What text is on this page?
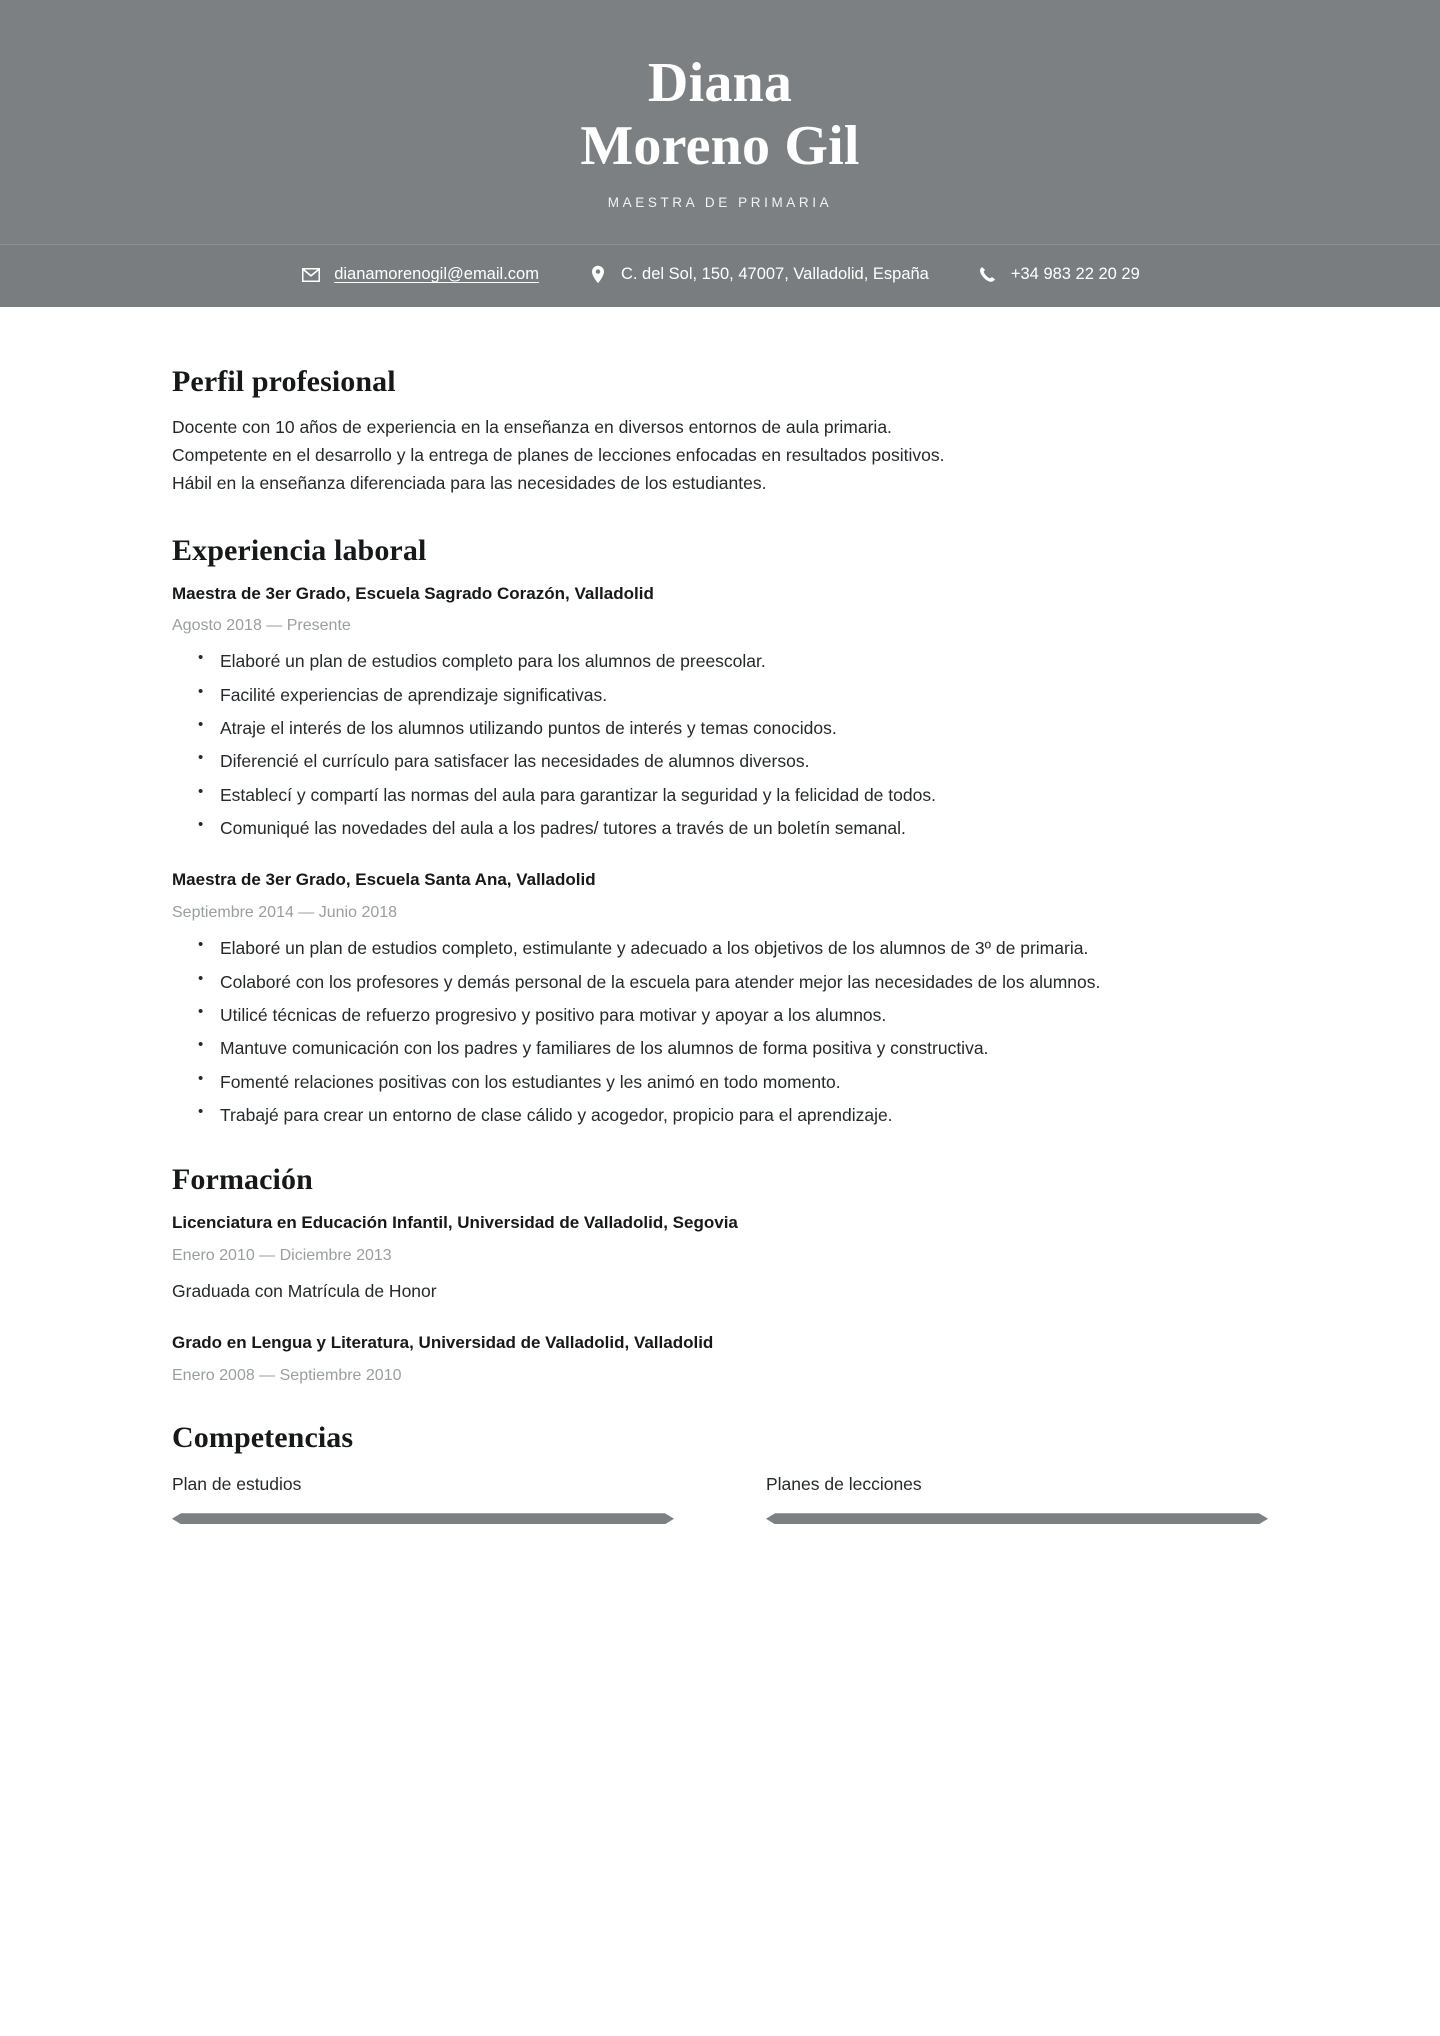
Diana
Moreno Gil
MAESTRA DE PRIMARIA
dianamorenogil@email.com	C. del Sol, 150, 47007, Valladolid, España	+34 983 22 20 29
Perfil profesional
Docente con 10 años de experiencia en la enseñanza en diversos entornos de aula primaria.
Competente en el desarrollo y la entrega de planes de lecciones enfocadas en resultados positivos.
Hábil en la enseñanza diferenciada para las necesidades de los estudiantes.
Experiencia laboral
Maestra de 3er Grado, Escuela Sagrado Corazón, Valladolid
Agosto 2018 — Presente
• Elaboré un plan de estudios completo para los alumnos de preescolar.
• Facilité experiencias de aprendizaje significativas.
• Atraje el interés de los alumnos utilizando puntos de interés y temas conocidos.
• Diferencié el currículo para satisfacer las necesidades de alumnos diversos.
• Establecí y compartí las normas del aula para garantizar la seguridad y la felicidad de todos.
• Comuniqué las novedades del aula a los padres/ tutores a través de un boletín semanal.
Maestra de 3er Grado, Escuela Santa Ana, Valladolid
Septiembre 2014 — Junio 2018
• Elaboré un plan de estudios completo, estimulante y adecuado a los objetivos de los alumnos de 3º de primaria.
• Colaboré con los profesores y demás personal de la escuela para atender mejor las necesidades de los alumnos.
• Utilicé técnicas de refuerzo progresivo y positivo para motivar y apoyar a los alumnos.
• Mantuve comunicación con los padres y familiares de los alumnos de forma positiva y constructiva.
• Fomenté relaciones positivas con los estudiantes y les animó en todo momento.
• Trabajé para crear un entorno de clase cálido y acogedor, propicio para el aprendizaje.
Formación
Licenciatura en Educación Infantil, Universidad de Valladolid, Segovia
Enero 2010 — Diciembre 2013
Graduada con Matrícula de Honor
Grado en Lengua y Literatura, Universidad de Valladolid, Valladolid
Enero 2008 — Septiembre 2010
Competencias
Plan de estudios	Planes de lecciones
